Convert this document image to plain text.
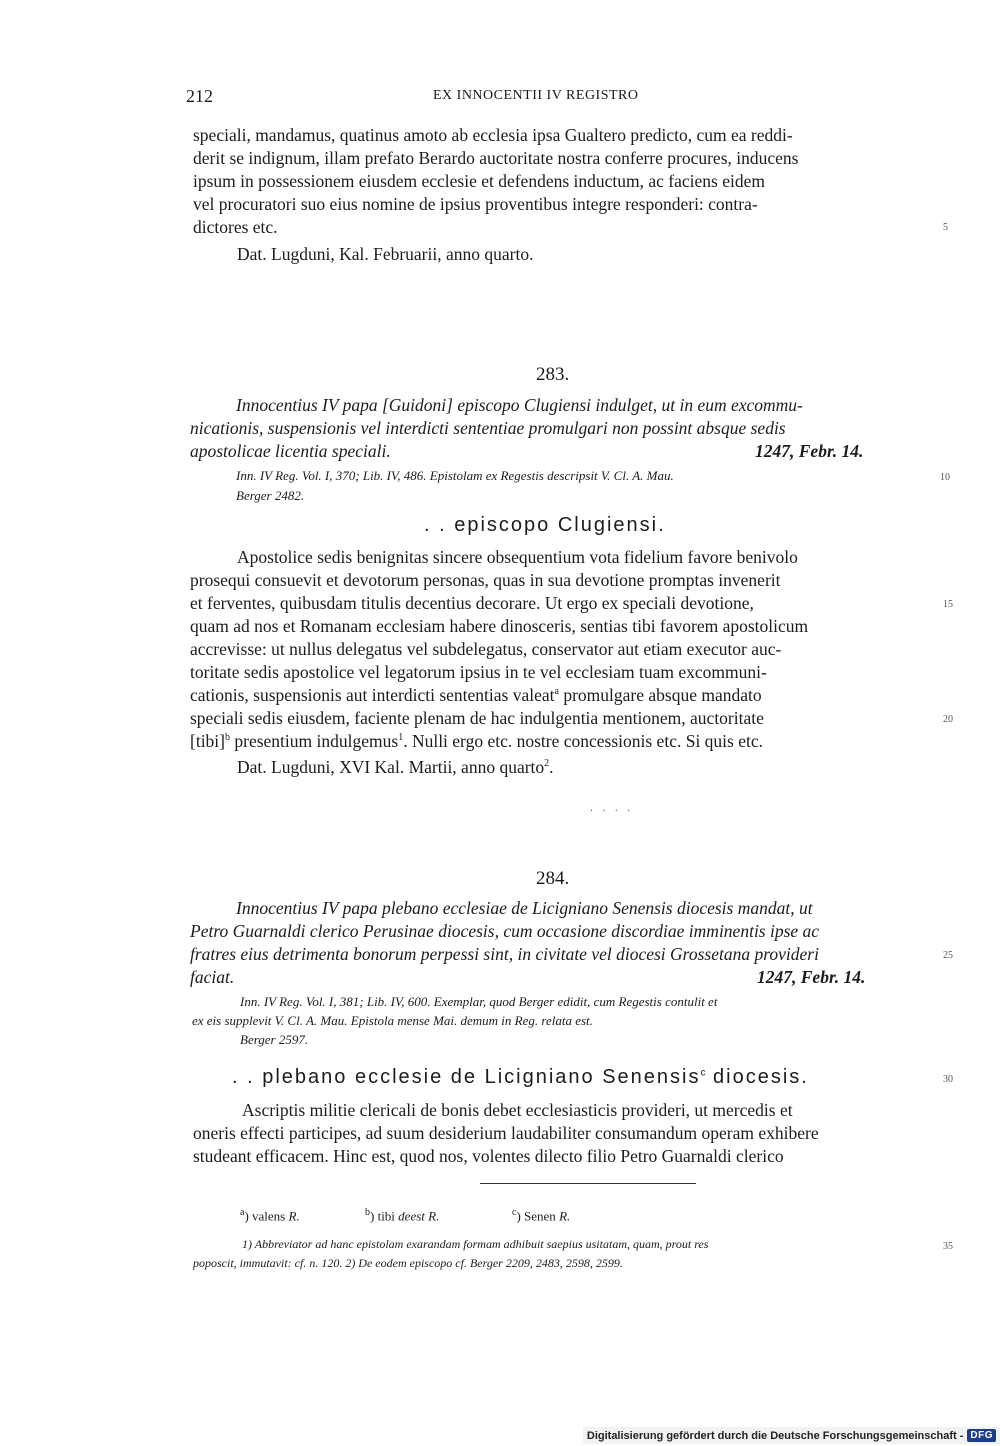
212	EX INNOCENTII IV REGISTRO
speciali, mandamus, quatinus amoto ab ecclesia ipsa Gualtero predicto, cum ea reddi-
derit se indignum, illam prefato Berardo auctoritate nostra conferre procures, inducens
ipsum in possessionem eiusdem ecclesie et defendens inductum, ac faciens eidem
vel procuratori suo eius nomine de ipsius proventibus integre responderi: contra-
dictores etc.	5
Dat. Lugduni, Kal. Februarii, anno quarto.
283.
Innocentius IV papa [Guidoni] episcopo Clugiensi indulget, ut in eum excommu-
nicationis, suspensionis vel interdicti sententiae promulgari non possint absque sedis
apostolicae licentia speciali.	1247, Febr. 14.
Inn. IV Reg. Vol. I, 370; Lib. IV, 486. Epistolam ex Regestis descripsit V. Cl. A. Mau.	10
Berger 2482.
. . episcopo Clugiensi.
Apostolice sedis benignitas sincere obsequentium vota fidelium favore benivolo
prosequi consuevit et devotorum personas, quas in sua devotione promptas invenerit
et ferventes, quibusdam titulis decentius decorare. Ut ergo ex speciali devotione,	15
quam ad nos et Romanam ecclesiam habere dinosceris, sentias tibi favorem apostolicum
accrevisse: ut nullus delegatus vel subdelegatus, conservator aut etiam executor auc-
toritate sedis apostolice vel legatorum ipsius in te vel ecclesiam tuam excommuni-
cationis, suspensionis aut interdicti sententias valeat$^a$ promulgare absque mandato
speciali sedis eiusdem, faciente plenam de hac indulgentia mentionem, auctoritate	20
[tibi]$^b$ presentium indulgemus$^1$. Nulli ergo etc. nostre concessionis etc. Si quis etc.
Dat. Lugduni, XVI Kal. Martii, anno quarto$^2$.
· · · ·
284.
Innocentius IV papa plebano ecclesiae de Licigniano Senensis diocesis mandat, ut
Petro Guarnaldi clerico Perusinae diocesis, cum occasione discordiae imminentis ipse ac
fratres eius detrimenta bonorum perpessi sint, in civitate vel diocesi Grossetana provideri	25
faciat.	1247, Febr. 14.
Inn. IV Reg. Vol. I, 381; Lib. IV, 600. Exemplar, quod Berger edidit, cum Regestis contulit et
ex eis supplevit V. Cl. A. Mau. Epistola mense Mai. demum in Reg. relata est.
Berger 2597.
. . plebano ecclesie de Licigniano Senensis$^c$ diocesis.	30
Ascriptis militie clericali de bonis debet ecclesiasticis provideri, ut mercedis et
oneris effecti participes, ad suum desiderium laudabiliter consumandum operam exhibere
studeant efficacem. Hinc est, quod nos, volentes dilecto filio Petro Guarnaldi clerico
$^a$) valens R.	$^b$) tibi deest R.	$^c$) Senen R.
1) Abbreviator ad hanc epistolam exarandam formam adhibuit saepius usitatam, quam, prout res	35
poposcit, immutavit: cf. n. 120. 2) De eodem episcopo cf. Berger 2209, 2483, 2598, 2599.
Digitalisierung gefördert durch die Deutsche Forschungsgemeinschaft - DFG
